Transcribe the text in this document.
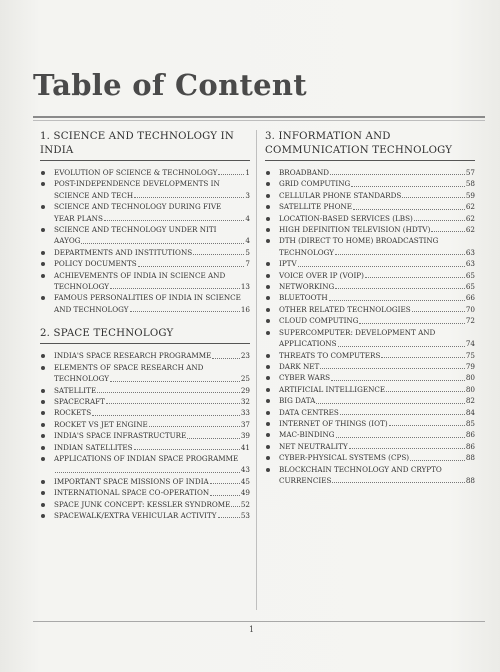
Table of Content
1. SCIENCE AND TECHNOLOGY IN INDIA
EVOLUTION OF SCIENCE & TECHNOLOGY	1
POST-INDEPENDENCE DEVELOPMENTS IN
SCIENCE AND TECH	3
SCIENCE AND TECHNOLOGY DURING FIVE
YEAR PLANS	4
SCIENCE AND TECHNOLOGY UNDER NITI
AAYOG	4
DEPARTMENTS AND INSTITUTIONS	5
POLICY DOCUMENTS	7
ACHIEVEMENTS OF INDIA IN SCIENCE AND
TECHNOLOGY	13
FAMOUS PERSONALITIES OF INDIA IN SCIENCE
AND TECHNOLOGY	16
2. SPACE TECHNOLOGY
INDIA'S SPACE RESEARCH PROGRAMME	23
ELEMENTS OF SPACE RESEARCH AND
TECHNOLOGY	25
SATELLITE	29
SPACECRAFT	32
ROCKETS	33
ROCKET VS JET ENGINE	37
INDIA'S SPACE INFRASTRUCTURE	39
INDIAN SATELLITES	41
APPLICATIONS OF INDIAN SPACE PROGRAMME
43
IMPORTANT SPACE MISSIONS OF INDIA	45
INTERNATIONAL SPACE CO-OPERATION	49
SPACE JUNK CONCEPT: KESSLER SYNDROME 52
SPACEWALK/EXTRA VEHICULAR ACTIVITY	53
3. INFORMATION AND
COMMUNICATION TECHNOLOGY
BROADBAND	57
GRID COMPUTING	58
CELLULAR PHONE STANDARDS	59
SATELLITE PHONE	62
LOCATION-BASED SERVICES (LBS)	62
HIGH DEFINITION TELEVISION (HDTV)	62
DTH (DIRECT TO HOME) BROADCASTING
TECHNOLOGY	63
IPTV	63
VOICE OVER IP (VOIP)	65
NETWORKING	65
BLUETOOTH	66
OTHER RELATED TECHNOLOGIES	70
CLOUD COMPUTING	72
SUPERCOMPUTER: DEVELOPMENT AND
APPLICATIONS	74
THREATS TO COMPUTERS	75
DARK NET	79
CYBER WARS	80
ARTIFICIAL INTELLIGENCE	80
BIG DATA	82
DATA CENTRES	84
INTERNET OF THINGS (IOT)	85
MAC-BINDING	86
NET NEUTRALITY	86
CYBER-PHYSICAL SYSTEMS (CPS)	88
BLOCKCHAIN TECHNOLOGY AND CRYPTO
CURRENCIES	88
1
